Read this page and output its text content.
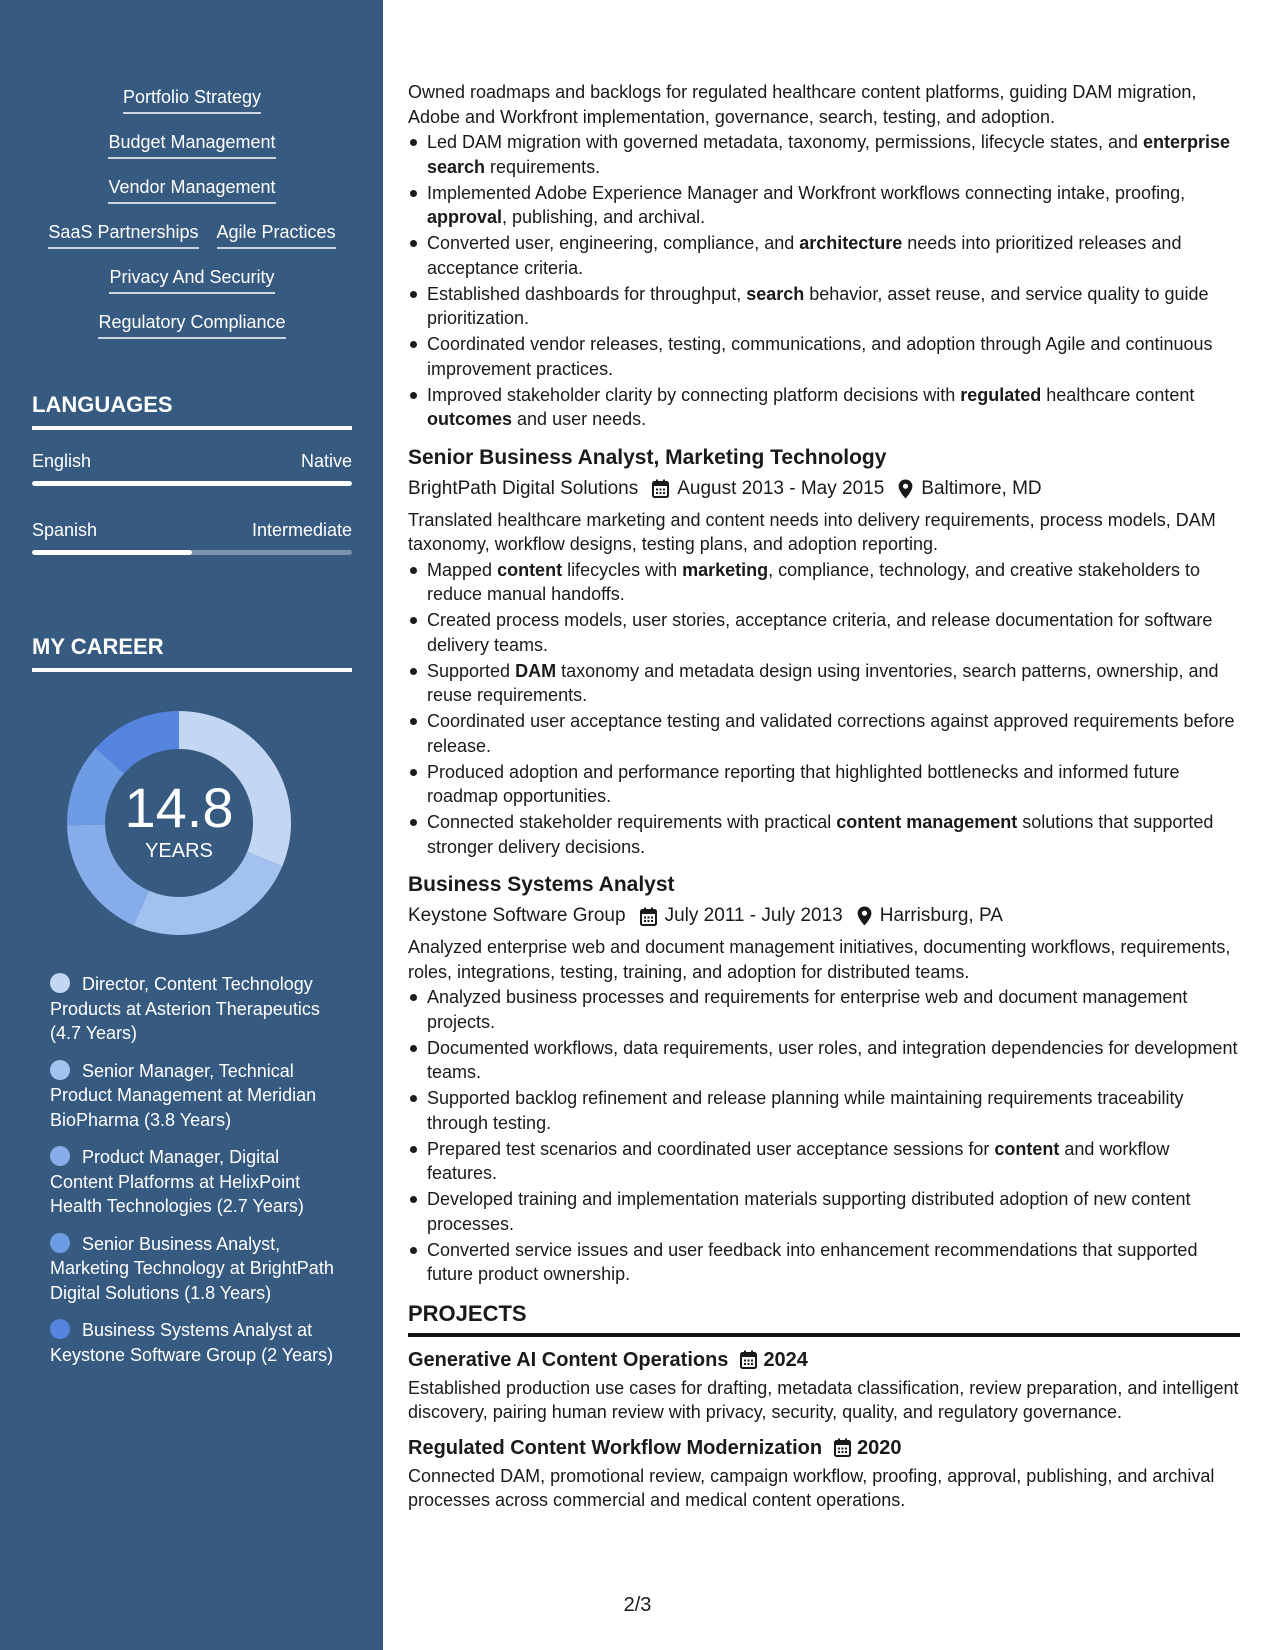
Portfolio Strategy
Budget Management
Vendor Management
SaaS Partnerships Agile Practices
Privacy And Security
Regulatory Compliance
LANGUAGES
English	Native
Spanish	Intermediate
MY CAREER
14.8
YEARS
Director, Content Technology Products at Asterion Therapeutics (4.7 Years)
Senior Manager, Technical Product Management at Meridian BioPharma (3.8 Years)
Product Manager, Digital Content Platforms at HelixPoint Health Technologies (2.7 Years)
Senior Business Analyst, Marketing Technology at BrightPath Digital Solutions (1.8 Years)
Business Systems Analyst at Keystone Software Group (2 Years)

Owned roadmaps and backlogs for regulated healthcare content platforms, guiding DAM migration, Adobe and Workfront implementation, governance, search, testing, and adoption.

Led DAM migration with governed metadata, taxonomy, permissions, lifecycle states, and enterprise search requirements.
Implemented Adobe Experience Manager and Workfront workflows connecting intake, proofing, approval, publishing, and archival.
Converted user, engineering, compliance, and architecture needs into prioritized releases and acceptance criteria.
Established dashboards for throughput, search behavior, asset reuse, and service quality to guide prioritization.
Coordinated vendor releases, testing, communications, and adoption through Agile and continuous improvement practices.
Improved stakeholder clarity by connecting platform decisions with regulated healthcare content outcomes and user needs.
Senior Business Analyst, Marketing Technology
BrightPath Digital Solutions August 2013 - May 2015 Baltimore, MD

Translated healthcare marketing and content needs into delivery requirements, process models, DAM taxonomy, workflow designs, testing plans, and adoption reporting.

Mapped content lifecycles with marketing, compliance, technology, and creative stakeholders to reduce manual handoffs.
Created process models, user stories, acceptance criteria, and release documentation for software delivery teams.
Supported DAM taxonomy and metadata design using inventories, search patterns, ownership, and reuse requirements.
Coordinated user acceptance testing and validated corrections against approved requirements before release.
Produced adoption and performance reporting that highlighted bottlenecks and informed future roadmap opportunities.
Connected stakeholder requirements with practical content management solutions that supported stronger delivery decisions.
Business Systems Analyst
Keystone Software Group July 2011 - July 2013 Harrisburg, PA

Analyzed enterprise web and document management initiatives, documenting workflows, requirements, roles, integrations, testing, training, and adoption for distributed teams.

Analyzed business processes and requirements for enterprise web and document management projects.
Documented workflows, data requirements, user roles, and integration dependencies for development teams.
Supported backlog refinement and release planning while maintaining requirements traceability through testing.
Prepared test scenarios and coordinated user acceptance sessions for content and workflow features.
Developed training and implementation materials supporting distributed adoption of new content processes.
Converted service issues and user feedback into enhancement recommendations that supported future product ownership.
PROJECTS
Generative AI Content Operations 2024

Established production use cases for drafting, metadata classification, review preparation, and intelligent discovery, pairing human review with privacy, security, quality, and regulatory governance.

Regulated Content Workflow Modernization 2020

Connected DAM, promotional review, campaign workflow, proofing, approval, publishing, and archival processes across commercial and medical content operations.

2/3
